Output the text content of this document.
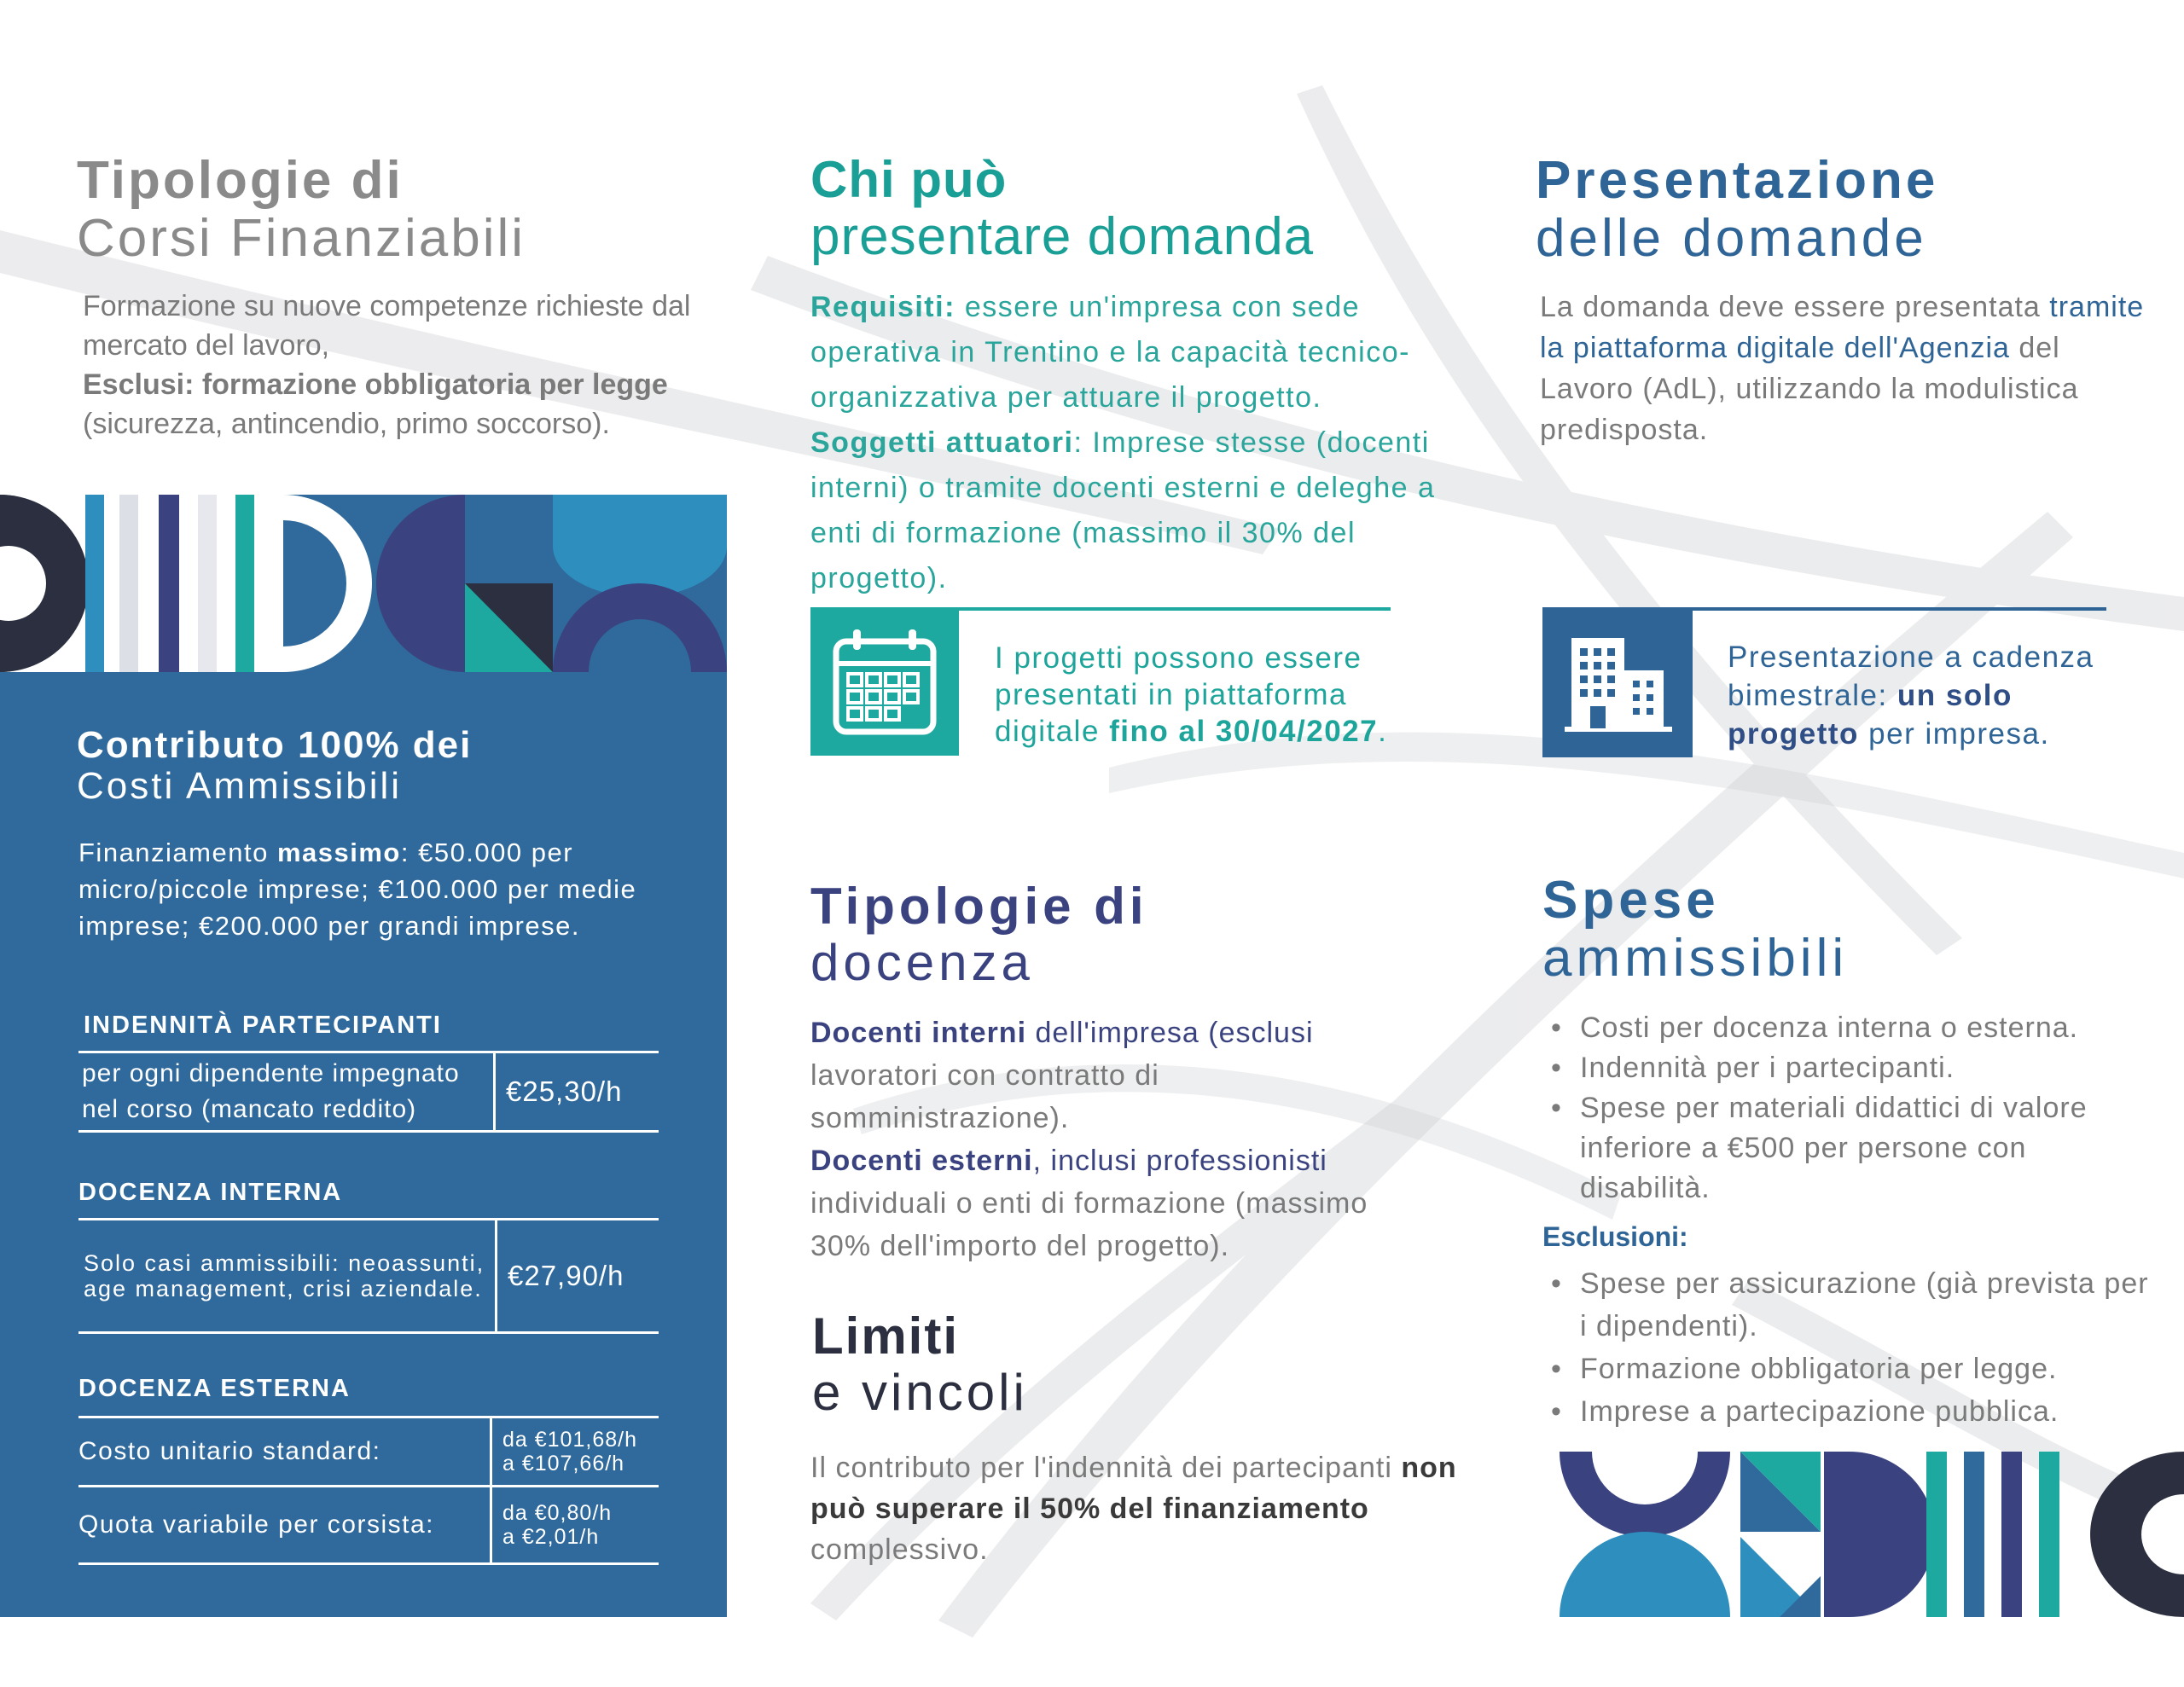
Tipologie di
Corsi Finanziabili
Formazione su nuove competenze richieste dal mercato del lavoro,
Esclusi: formazione obbligatoria per legge
(sicurezza, antincendio, primo soccorso).
Contributo 100% dei
Costi Ammissibili
Finanziamento massimo: €50.000 per micro/piccole imprese; €100.000 per medie imprese; €200.000 per grandi imprese.
INDENNITÀ PARTECIPANTI
per ogni dipendente impegnato nel corso (mancato reddito)
€25,30/h
DOCENZA INTERNA
Solo casi ammissibili: neoassunti, age management, crisi aziendale. €27,90/h
DOCENZA ESTERNA
Costo unitario standard:	da €101,68/h
a €107,66/h
Quota variabile per corsista:	da €0,80/h
a €2,01/h
Chi può
presentare domanda
Requisiti: essere un'impresa con sede operativa in Trentino e la capacità tecnico-organizzativa per attuare il progetto.
Soggetti attuatori: Imprese stesse (docenti interni) o tramite docenti esterni e deleghe a enti di formazione (massimo il 30% del progetto).
I progetti possono essere presentati in piattaforma digitale fino al 30/04/2027.
Tipologie di
docenza
Docenti interni dell'impresa (esclusi lavoratori con contratto di somministrazione).
Docenti esterni, inclusi professionisti individuali o enti di formazione (massimo 30% dell'importo del progetto).
Limiti
e vincoli
Il contributo per l'indennità dei partecipanti non può superare il 50% del finanziamento complessivo.
Presentazione
delle domande
La domanda deve essere presentata tramite la piattaforma digitale dell'Agenzia del Lavoro (AdL), utilizzando la modulistica predisposta.
Presentazione a cadenza bimestrale: un solo progetto per impresa.
Spese
ammissibili
• Costi per docenza interna o esterna.
• Indennità per i partecipanti.
• Spese per materiali didattici di valore inferiore a €500 per persone con disabilità.
Esclusioni:
• Spese per assicurazione (già prevista per i dipendenti).
• Formazione obbligatoria per legge.
• Imprese a partecipazione pubblica.
